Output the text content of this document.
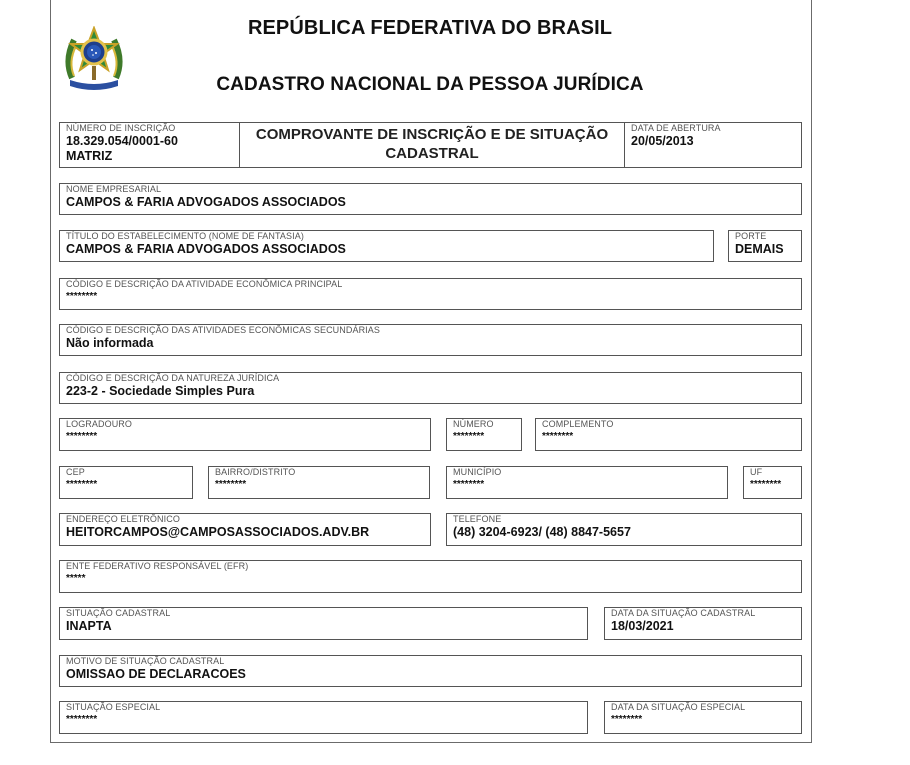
REPÚBLICA FEDERATIVA DO BRASIL
CADASTRO NACIONAL DA PESSOA JURÍDICA
NÚMERO DE INSCRIÇÃO
18.329.054/0001-60
MATRIZ
COMPROVANTE DE INSCRIÇÃO E DE SITUAÇÃO
CADASTRAL
DATA DE ABERTURA
20/05/2013
NOME EMPRESARIAL
CAMPOS & FARIA ADVOGADOS ASSOCIADOS
TÍTULO DO ESTABELECIMENTO (NOME DE FANTASIA)
CAMPOS & FARIA ADVOGADOS ASSOCIADOS
PORTE
DEMAIS
CÓDIGO E DESCRIÇÃO DA ATIVIDADE ECONÔMICA PRINCIPAL
********
CÓDIGO E DESCRIÇÃO DAS ATIVIDADES ECONÔMICAS SECUNDÁRIAS
Não informada
CÓDIGO E DESCRIÇÃO DA NATUREZA JURÍDICA
223-2 - Sociedade Simples Pura
LOGRADOURO
********
NÚMERO
********
COMPLEMENTO
********
CEP
********
BAIRRO/DISTRITO
********
MUNICÍPIO
********
UF
********
ENDEREÇO ELETRÔNICO
HEITORCAMPOS@CAMPOSASSOCIADOS.ADV.BR
TELEFONE
(48) 3204-6923/ (48) 8847-5657
ENTE FEDERATIVO RESPONSÁVEL (EFR)
*****
SITUAÇÃO CADASTRAL
INAPTA
DATA DA SITUAÇÃO CADASTRAL
18/03/2021
MOTIVO DE SITUAÇÃO CADASTRAL
OMISSAO DE DECLARACOES
SITUAÇÃO ESPECIAL
********
DATA DA SITUAÇÃO ESPECIAL
********
